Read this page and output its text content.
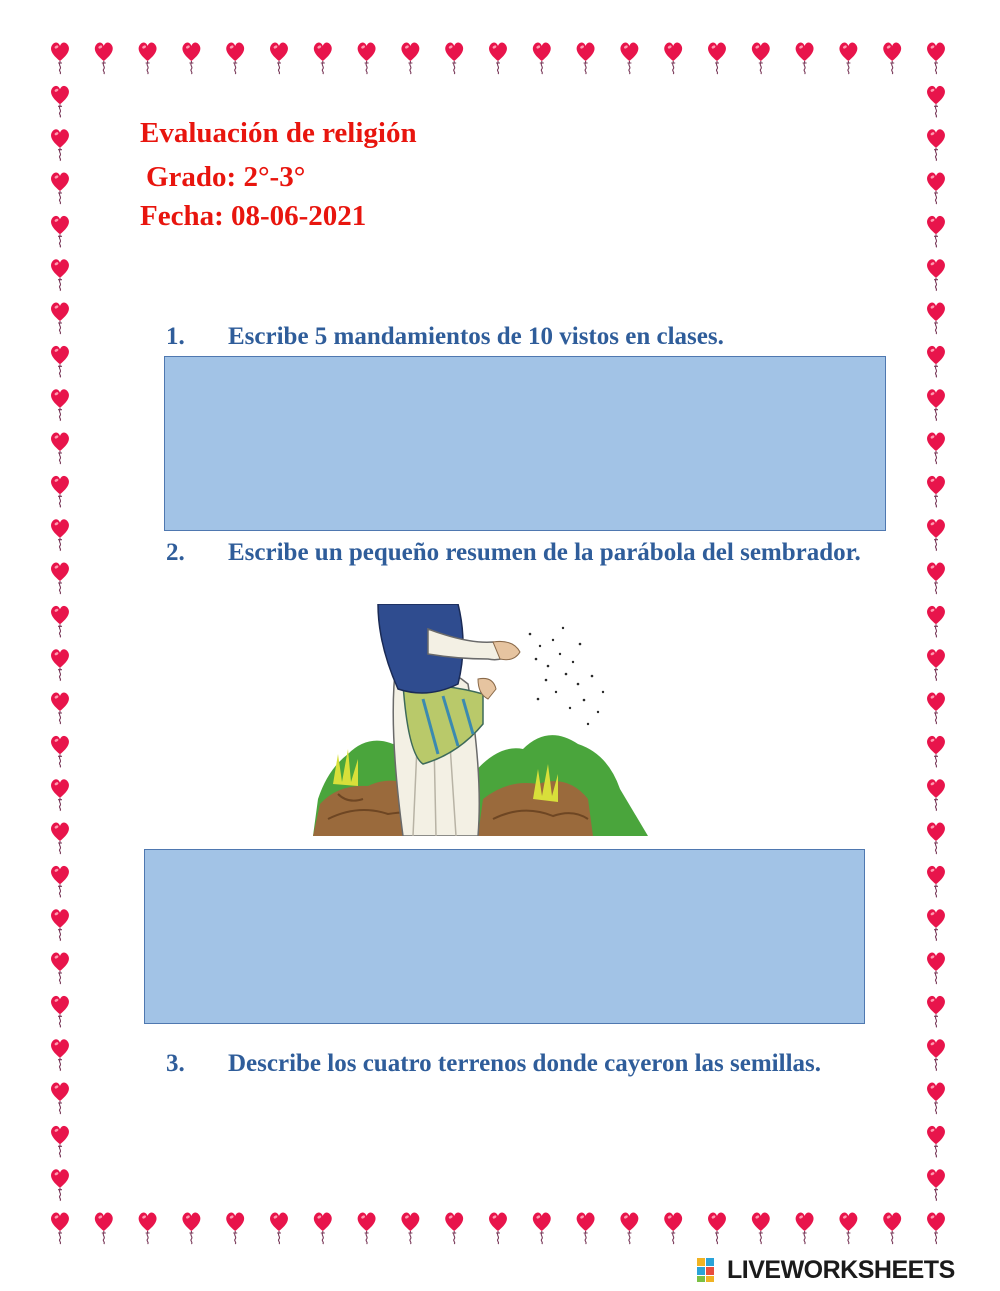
Evaluación de religión

Grado: 2°-3°

Fecha: 08-06-2021

1. Escribe 5 mandamientos de 10 vistos en clases.
2. Escribe un pequeño resumen de la parábola del sembrador.
3. Describe los cuatro terrenos donde cayeron las semillas.
LIVEWORKSHEETS
